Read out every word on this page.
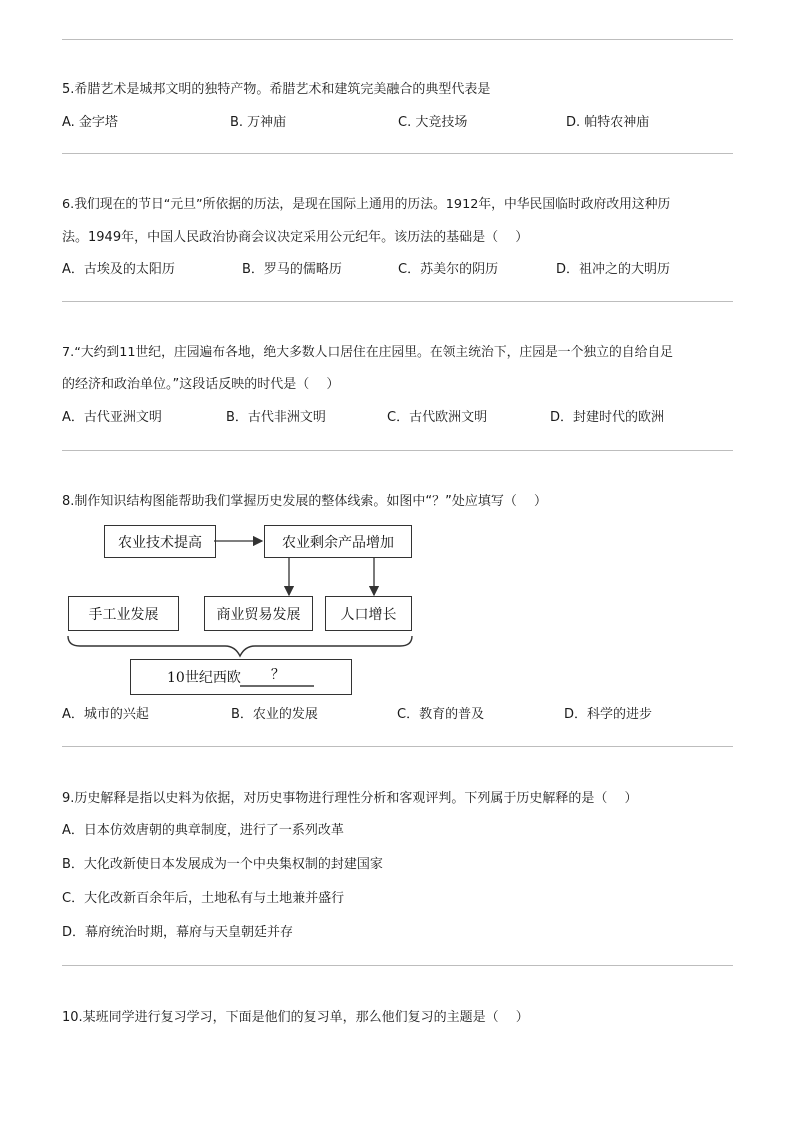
5.希腊艺术是城邦文明的独特产物。希腊艺术和建筑完美融合的典型代表是
A. 金字塔	B. 万神庙	C. 大竞技场	D. 帕特农神庙
6.我们现在的节日“元旦”所依据的历法，是现在国际上通用的历法。1912年，中华民国临时政府改用这种历
法。1949年，中国人民政治协商会议决定采用公元纪年。该历法的基础是（　 ）
A．古埃及的太阳历	B．罗马的儒略历	C．苏美尔的阴历	D．祖冲之的大明历
7.“大约到11世纪，庄园遍布各地，绝大多数人口居住在庄园里。在领主统治下，庄园是一个独立的自给自足
的经济和政治单位。”这段话反映的时代是（　 ）
A．古代亚洲文明	B．古代非洲文明	C．古代欧洲文明	D．封建时代的欧洲
8.制作知识结构图能帮助我们掌握历史发展的整体线索。如图中“？”处应填写（　 ）
农业技术提高	农业剩余产品增加
手工业发展	商业贸易发展	人口增长
10世纪西欧	？
A．城市的兴起	B．农业的发展	C．教育的普及	D．科学的进步
9.历史解释是指以史料为依据，对历史事物进行理性分析和客观评判。下列属于历史解释的是（　 ）
A．日本仿效唐朝的典章制度，进行了一系列改革
B．大化改新使日本发展成为一个中央集权制的封建国家
C．大化改新百余年后，土地私有与土地兼并盛行
D．幕府统治时期，幕府与天皇朝廷并存
10.某班同学进行复习学习，下面是他们的复习单，那么他们复习的主题是（　 ）
